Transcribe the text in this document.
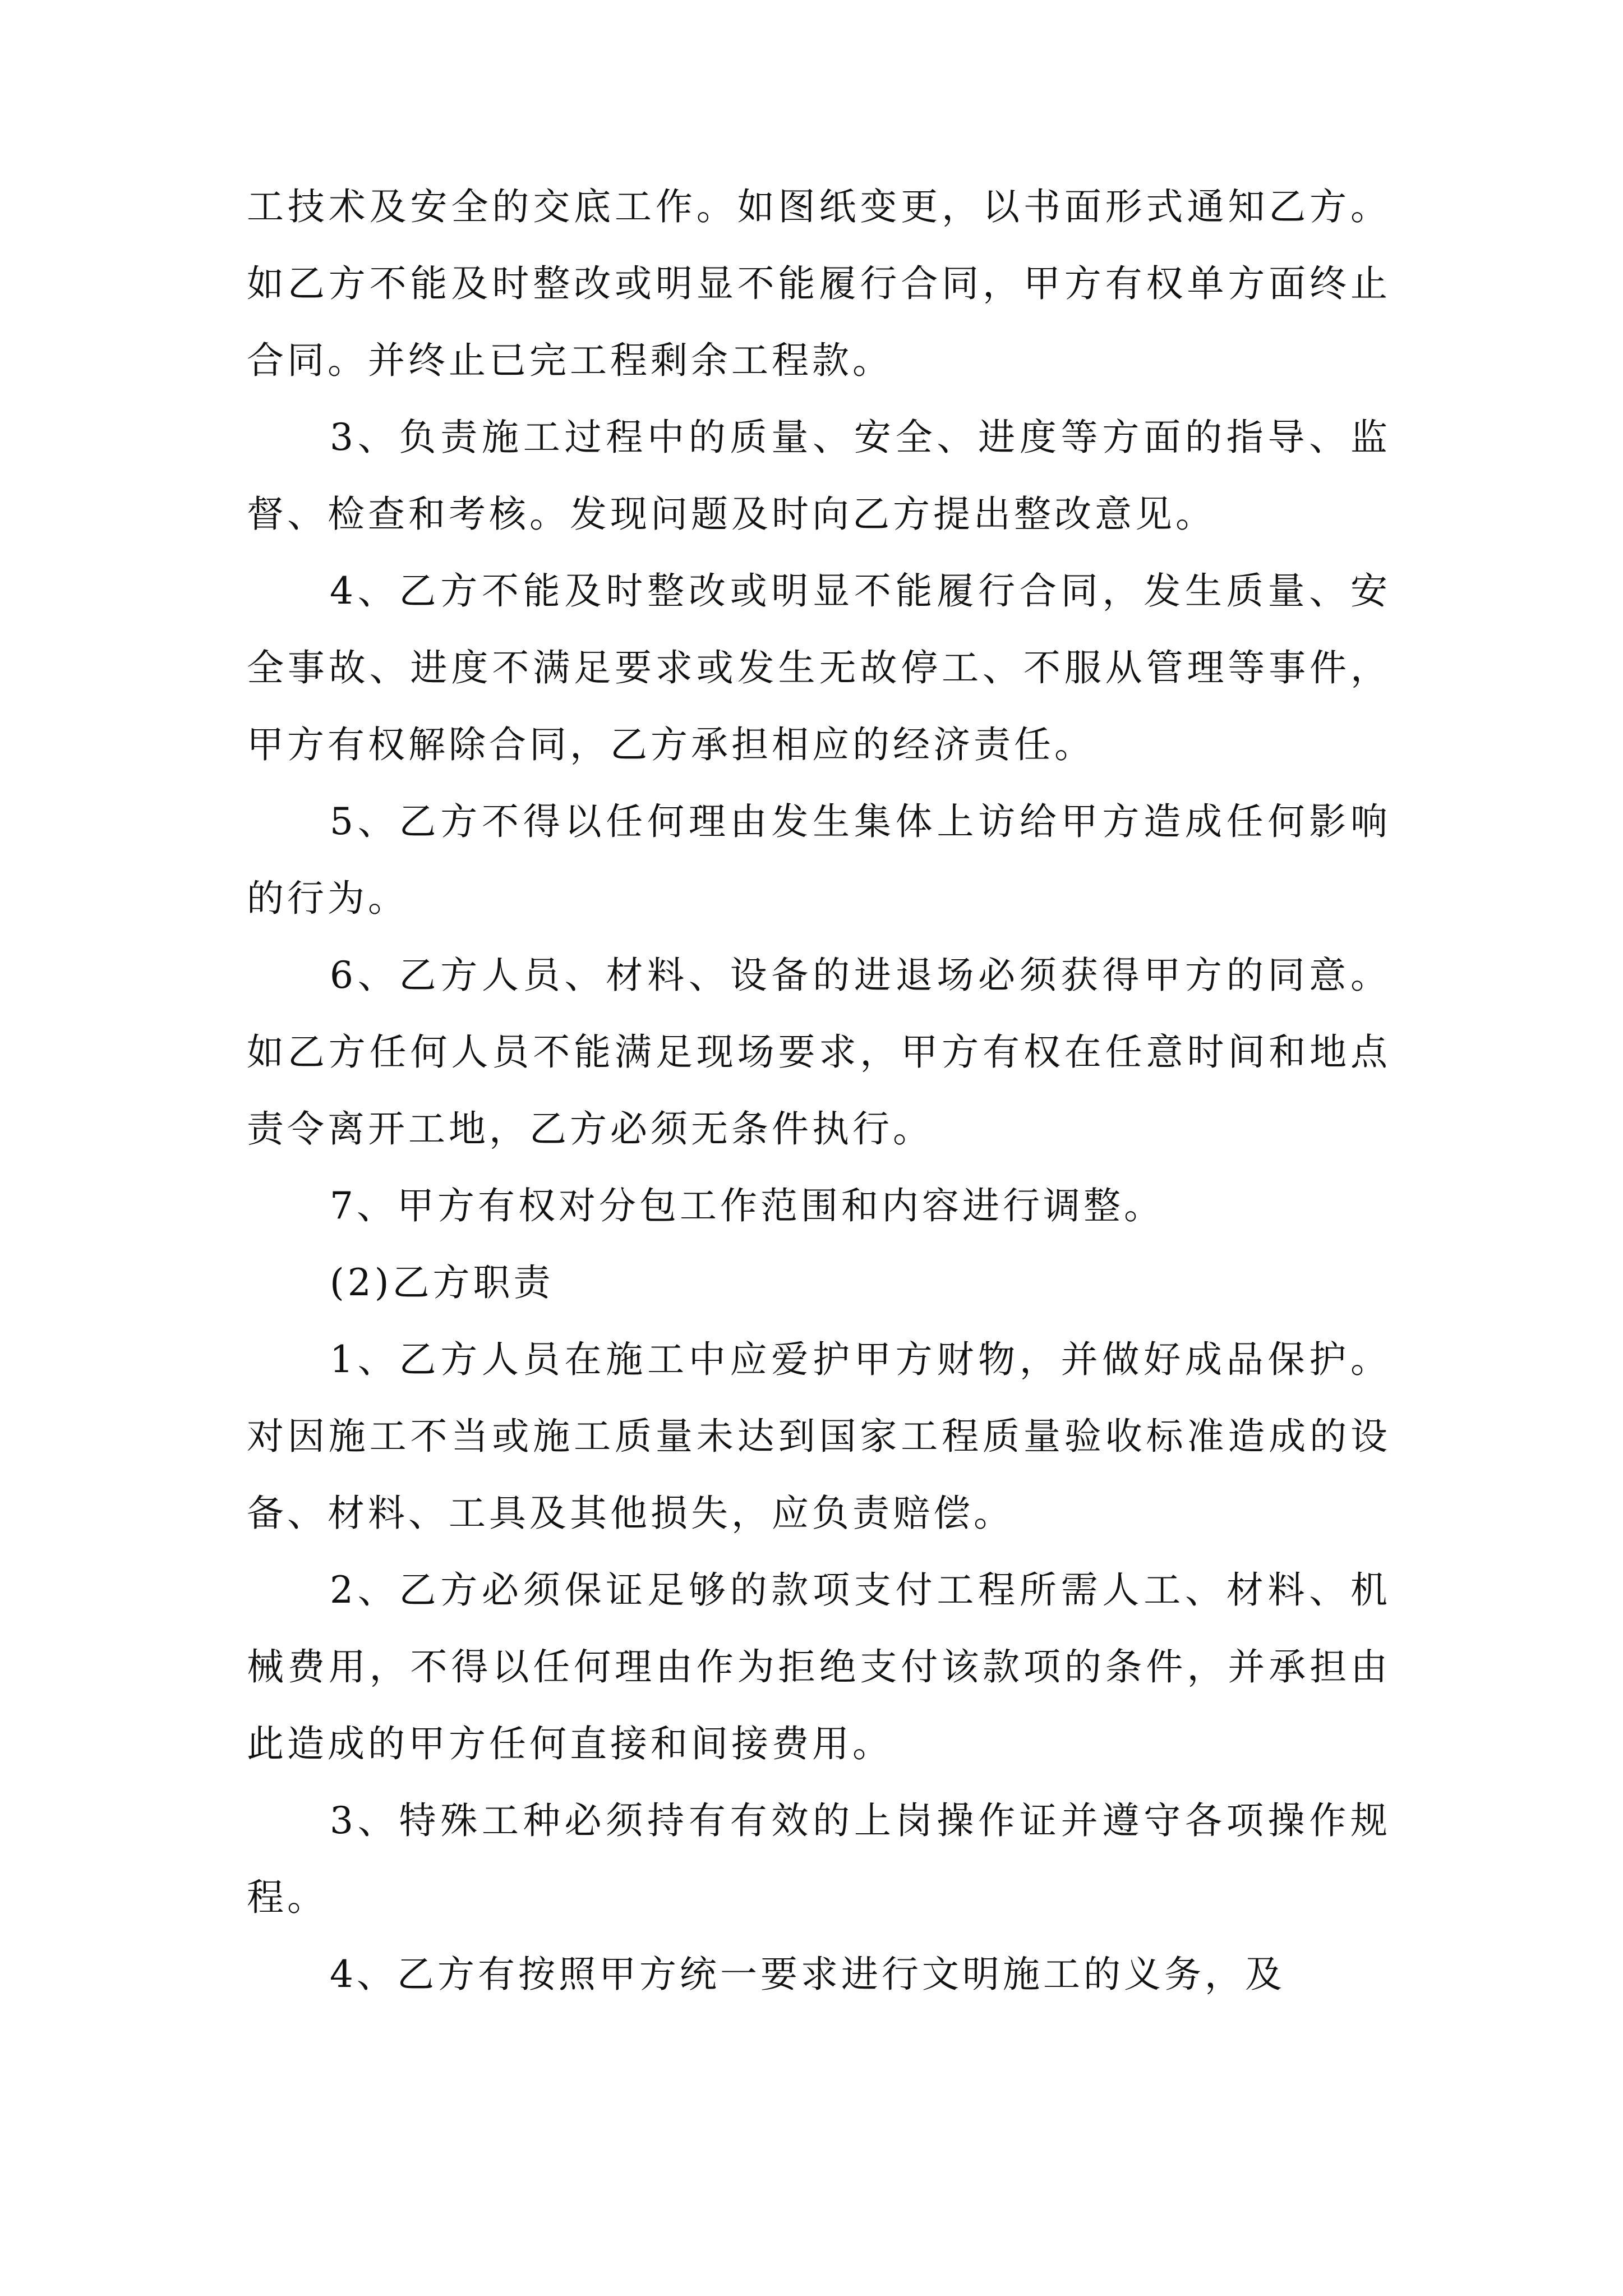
工技术及安全的交底工作。如图纸变更，以书面形式通知乙方。如乙方不能及时整改或明显不能履行合同，甲方有权单方面终止合同。并终止已完工程剩余工程款。

3、负责施工过程中的质量、安全、进度等方面的指导、监督、检查和考核。发现问题及时向乙方提出整改意见。

4、乙方不能及时整改或明显不能履行合同，发生质量、安全事故、进度不满足要求或发生无故停工、不服从管理等事件，甲方有权解除合同，乙方承担相应的经济责任。

5、乙方不得以任何理由发生集体上访给甲方造成任何影响的行为。

6、乙方人员、材料、设备的进退场必须获得甲方的同意。如乙方任何人员不能满足现场要求，甲方有权在任意时间和地点责令离开工地，乙方必须无条件执行。

7、甲方有权对分包工作范围和内容进行调整。

(2)乙方职责

1、乙方人员在施工中应爱护甲方财物，并做好成品保护。对因施工不当或施工质量未达到国家工程质量验收标准造成的设备、材料、工具及其他损失，应负责赔偿。

2、乙方必须保证足够的款项支付工程所需人工、材料、机械费用，不得以任何理由作为拒绝支付该款项的条件，并承担由此造成的甲方任何直接和间接费用。

3、特殊工种必须持有有效的上岗操作证并遵守各项操作规程。

4、乙方有按照甲方统一要求进行文明施工的义务，及
